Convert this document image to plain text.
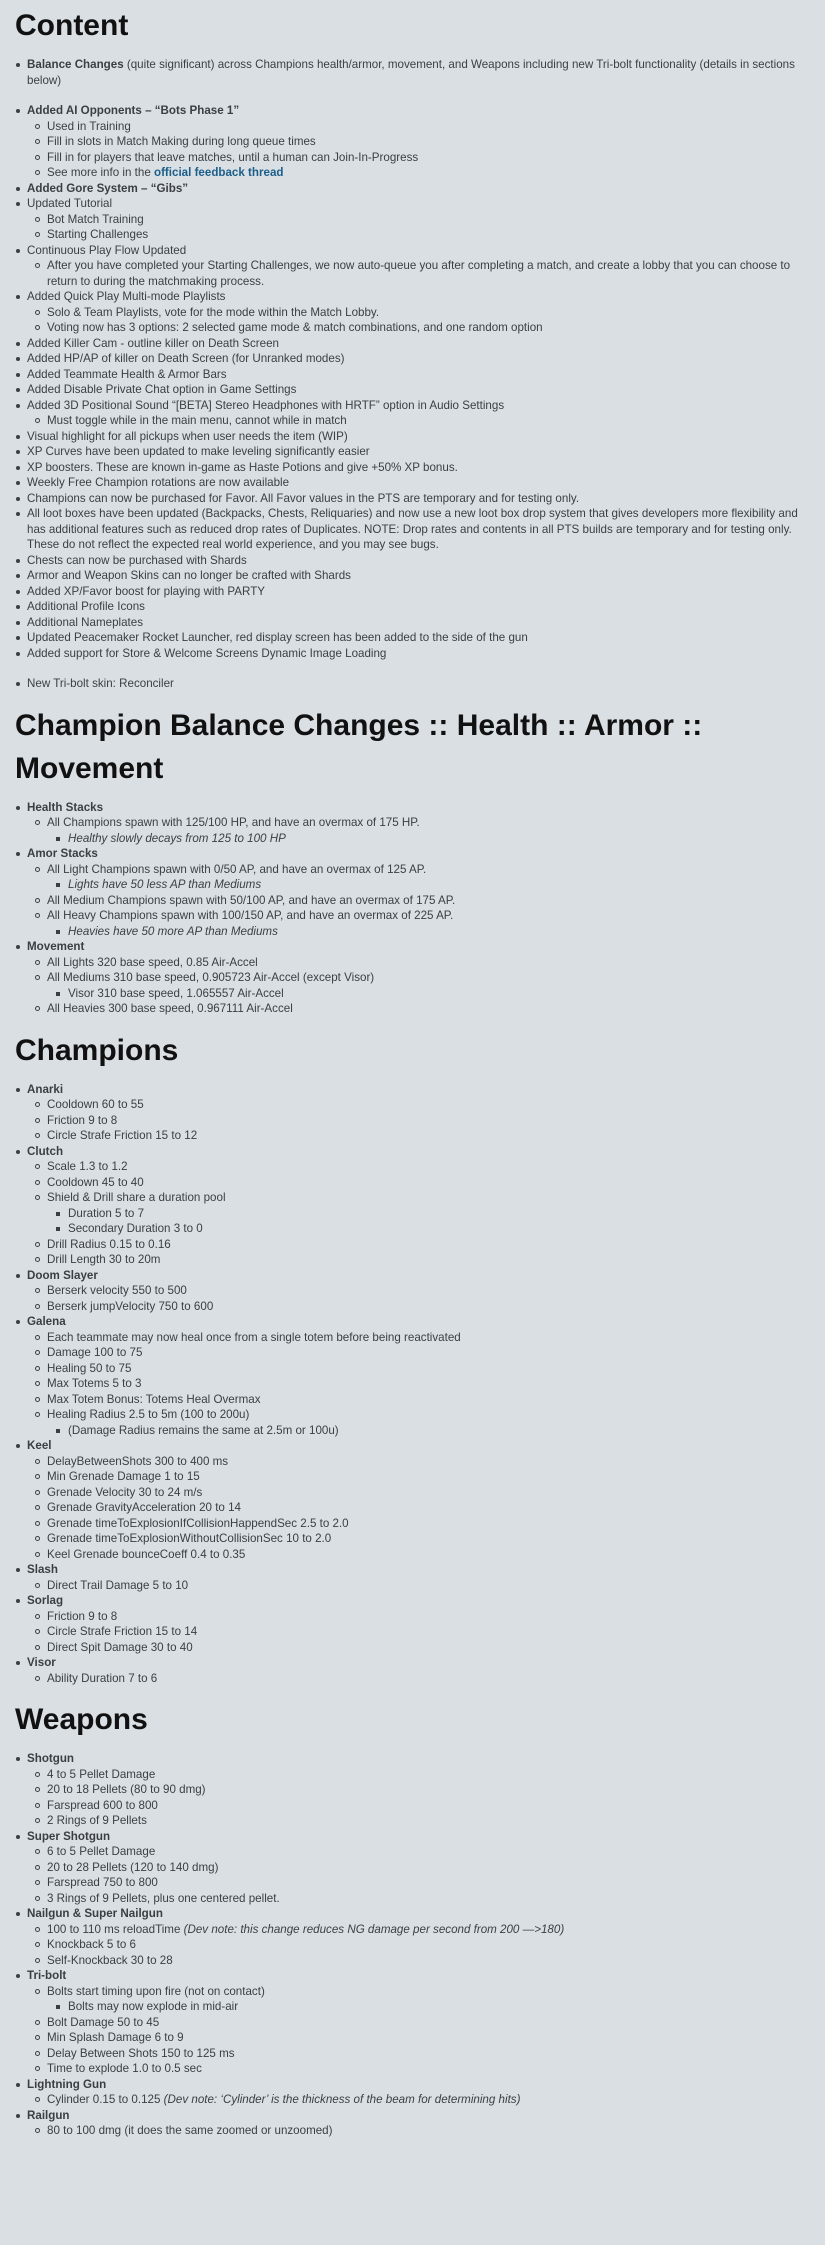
Content
Balance Changes (quite significant) across Champions health/armor, movement, and Weapons including new Tri-bolt functionality (details in sections below)
Added AI Opponents – “Bots Phase 1”
Used in Training
Fill in slots in Match Making during long queue times
Fill in for players that leave matches, until a human can Join-In-Progress
See more info in the official feedback thread
Added Gore System – “Gibs”
Updated Tutorial
Bot Match Training
Starting Challenges
Continuous Play Flow Updated
After you have completed your Starting Challenges, we now auto-queue you after completing a match, and create a lobby that you can choose to return to during the matchmaking process.
Added Quick Play Multi-mode Playlists
Solo & Team Playlists, vote for the mode within the Match Lobby.
Voting now has 3 options: 2 selected game mode & match combinations, and one random option
Added Killer Cam - outline killer on Death Screen
Added HP/AP of killer on Death Screen (for Unranked modes)
Added Teammate Health & Armor Bars
Added Disable Private Chat option in Game Settings
Added 3D Positional Sound “[BETA] Stereo Headphones with HRTF” option in Audio Settings
Must toggle while in the main menu, cannot while in match
Visual highlight for all pickups when user needs the item (WIP)
XP Curves have been updated to make leveling significantly easier
XP boosters. These are known in-game as Haste Potions and give +50% XP bonus.
Weekly Free Champion rotations are now available
Champions can now be purchased for Favor. All Favor values in the PTS are temporary and for testing only.
All loot boxes have been updated (Backpacks, Chests, Reliquaries) and now use a new loot box drop system that gives developers more flexibility and has additional features such as reduced drop rates of Duplicates. NOTE: Drop rates and contents in all PTS builds are temporary and for testing only. These do not reflect the expected real world experience, and you may see bugs.
Chests can now be purchased with Shards
Armor and Weapon Skins can no longer be crafted with Shards
Added XP/Favor boost for playing with PARTY
Additional Profile Icons
Additional Nameplates
Updated Peacemaker Rocket Launcher, red display screen has been added to the side of the gun
Added support for Store & Welcome Screens Dynamic Image Loading
New Tri-bolt skin: Reconciler
Champion Balance Changes :: Health :: Armor :: Movement
Health Stacks
All Champions spawn with 125/100 HP, and have an overmax of 175 HP.
Healthy slowly decays from 125 to 100 HP
Amor Stacks
All Light Champions spawn with 0/50 AP, and have an overmax of 125 AP.
Lights have 50 less AP than Mediums
All Medium Champions spawn with 50/100 AP, and have an overmax of 175 AP.
All Heavy Champions spawn with 100/150 AP, and have an overmax of 225 AP.
Heavies have 50 more AP than Mediums
Movement
All Lights 320 base speed, 0.85 Air-Accel
All Mediums 310 base speed, 0.905723 Air-Accel (except Visor)
Visor 310 base speed, 1.065557 Air-Accel
All Heavies 300 base speed, 0.967111 Air-Accel
Champions
Anarki
Cooldown 60 to 55
Friction 9 to 8
Circle Strafe Friction 15 to 12
Clutch
Scale 1.3 to 1.2
Cooldown 45 to 40
Shield & Drill share a duration pool
Duration 5 to 7
Secondary Duration 3 to 0
Drill Radius 0.15 to 0.16
Drill Length 30 to 20m
Doom Slayer
Berserk velocity 550 to 500
Berserk jumpVelocity 750 to 600
Galena
Each teammate may now heal once from a single totem before being reactivated
Damage 100 to 75
Healing 50 to 75
Max Totems 5 to 3
Max Totem Bonus: Totems Heal Overmax
Healing Radius 2.5 to 5m (100 to 200u)
(Damage Radius remains the same at 2.5m or 100u)
Keel
DelayBetweenShots 300 to 400 ms
Min Grenade Damage 1 to 15
Grenade Velocity 30 to 24 m/s
Grenade GravityAcceleration 20 to 14
Grenade timeToExplosionIfCollisionHappendSec 2.5 to 2.0
Grenade timeToExplosionWithoutCollisionSec 10 to 2.0
Keel Grenade bounceCoeff 0.4 to 0.35
Slash
Direct Trail Damage 5 to 10
Sorlag
Friction 9 to 8
Circle Strafe Friction 15 to 14
Direct Spit Damage 30 to 40
Visor
Ability Duration 7 to 6
Weapons
Shotgun
4 to 5 Pellet Damage
20 to 18 Pellets (80 to 90 dmg)
Farspread 600 to 800
2 Rings of 9 Pellets
Super Shotgun
6 to 5 Pellet Damage
20 to 28 Pellets (120 to 140 dmg)
Farspread 750 to 800
3 Rings of 9 Pellets, plus one centered pellet.
Nailgun & Super Nailgun
100 to 110 ms reloadTime (Dev note: this change reduces NG damage per second from 200 —>180)
Knockback 5 to 6
Self-Knockback 30 to 28
Tri-bolt
Bolts start timing upon fire (not on contact)
Bolts may now explode in mid-air
Bolt Damage 50 to 45
Min Splash Damage 6 to 9
Delay Between Shots 150 to 125 ms
Time to explode 1.0 to 0.5 sec
Lightning Gun
Cylinder 0.15 to 0.125 (Dev note: ‘Cylinder’ is the thickness of the beam for determining hits)
Railgun
80 to 100 dmg (it does the same zoomed or unzoomed)
